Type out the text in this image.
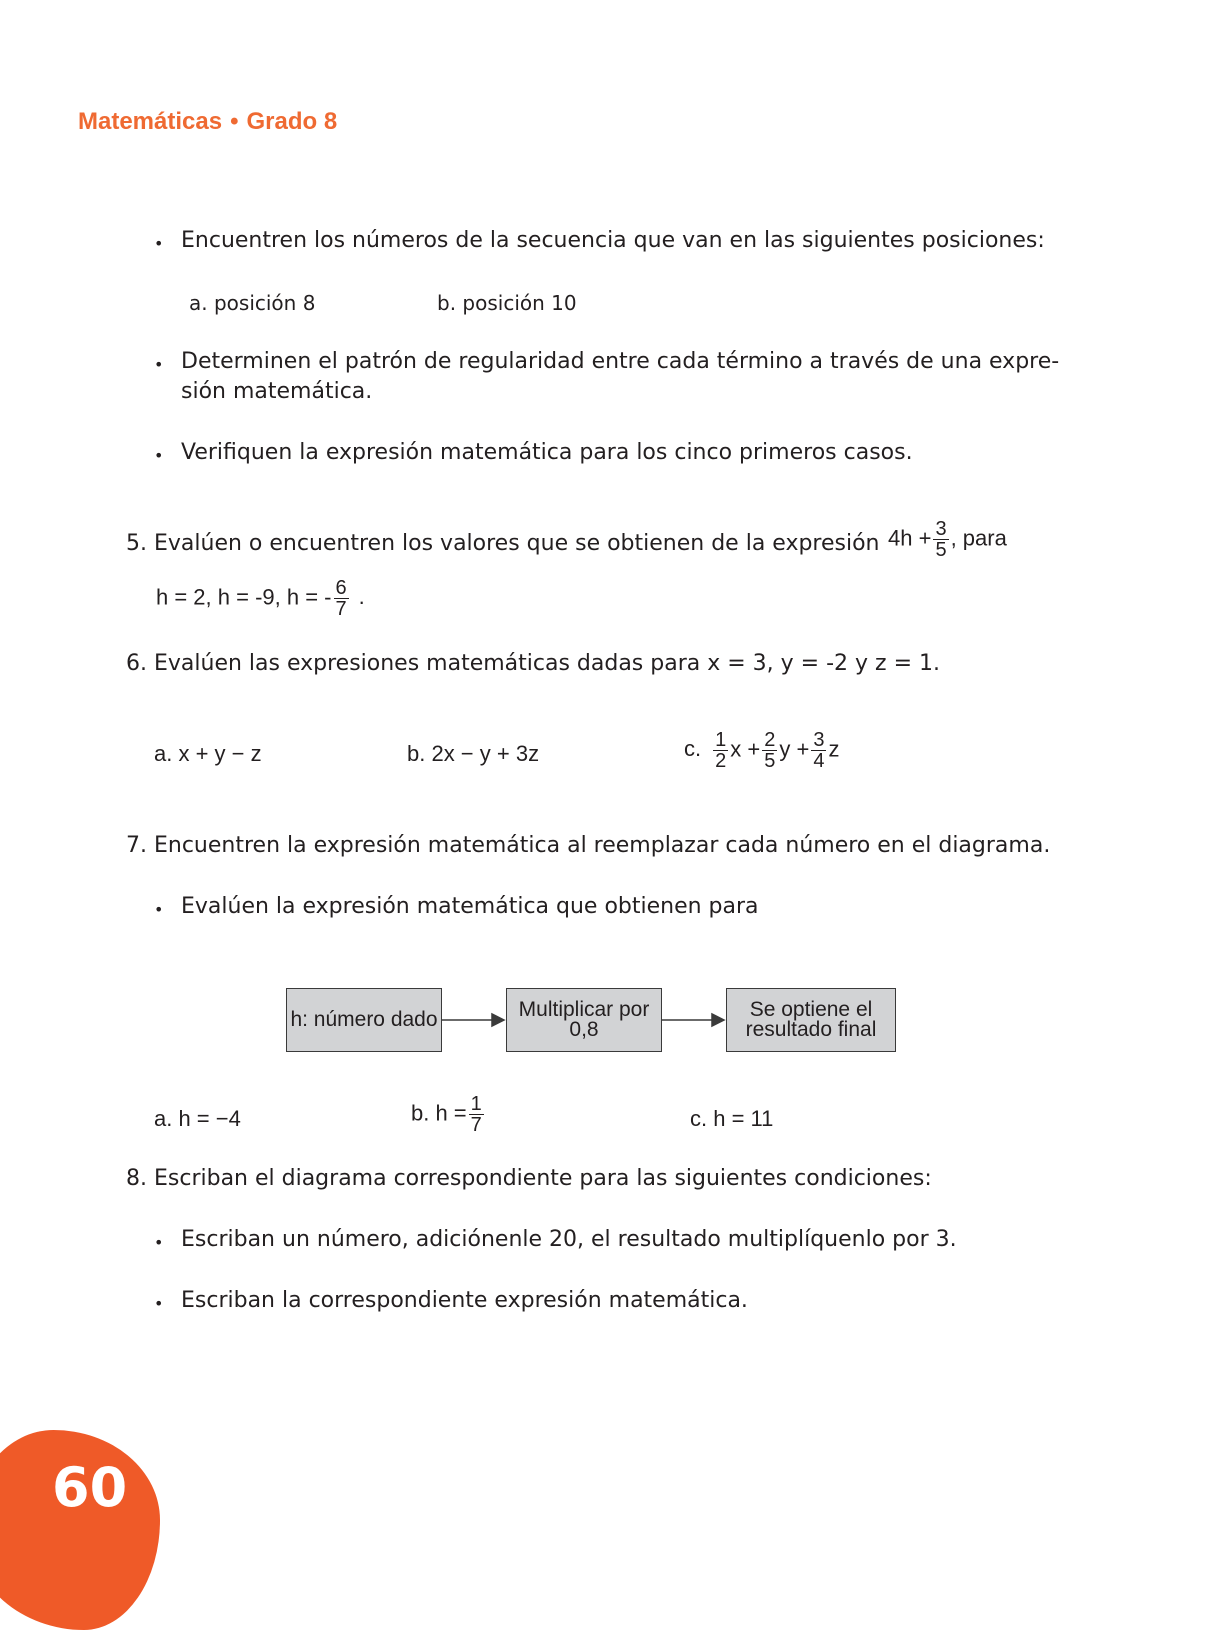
Matemáticas • Grado 8
• Encuentren los números de la secuencia que van en las siguientes posiciones:
a. posición 8	b. posición 10
• Determinen el patrón de regularidad entre cada término a través de una expre-
sión matemática.
• Verifiquen la expresión matemática para los cinco primeros casos.
5. Evalúen o encuentren los valores que se obtienen de la expresión $4h + \frac{3}{5}$ , para
h = 2, h = -9, h = - $\frac{6}{7}$ .
6. Evalúen las expresiones matemáticas dadas para x = 3, y = -2 y z = 1.
a. x + y − z	b. 2x − y + 3z	c. $\frac{1}{2}$ $x + \frac{2}{5}$ $y + \frac{3}{4}$ z
7. Encuentren la expresión matemática al reemplazar cada número en el diagrama.
• Evalúen la expresión matemática que obtienen para
h: número dado	Multiplicar por 0,8
Se optiene el resultado final
a. h = −4	b. $h = \frac{1}{7}$	c. h = 11
8. Escriban el diagrama correspondiente para las siguientes condiciones:
• Escriban un número, adiciónenle 20, el resultado multiplíquenlo por 3.
• Escriban la correspondiente expresión matemática.
60
